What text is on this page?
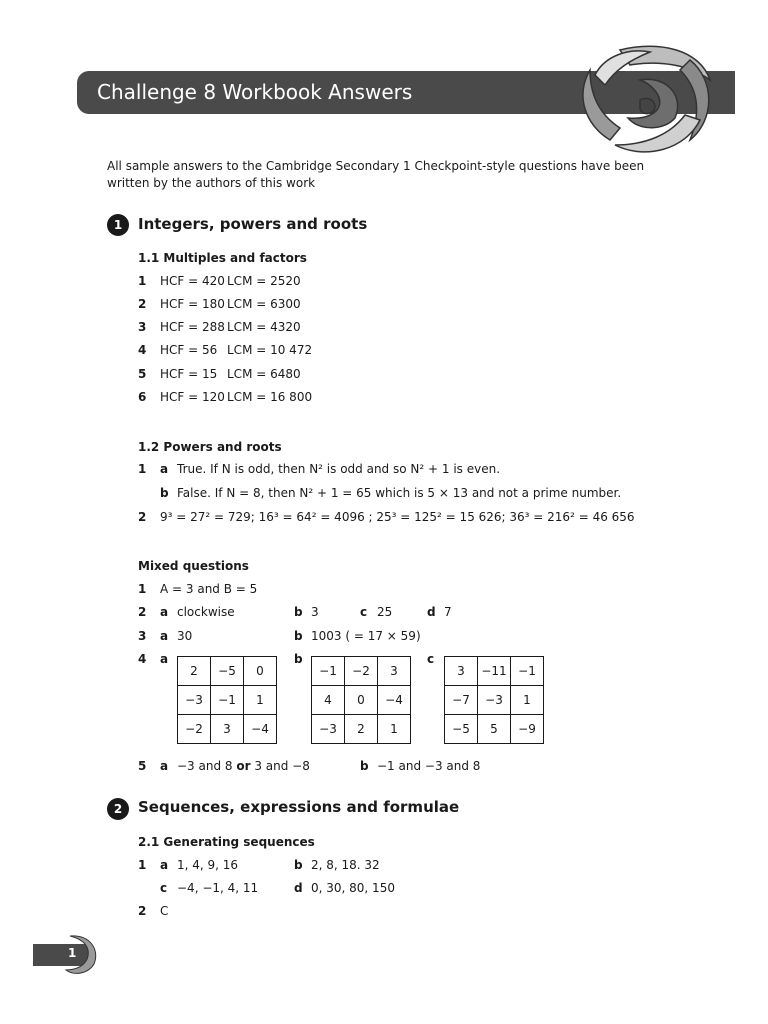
Challenge 8 Workbook Answers
All sample answers to the Cambridge Secondary 1 Checkpoint-style questions have been written by the authors of this work
1	Integers, powers and roots
1.1 Multiples and factors
1 HCF = 420 LCM = 2520
2 HCF = 180 LCM = 6300
3 HCF = 288 LCM = 4320
4 HCF = 56 LCM = 10 472
5 HCF = 15 LCM = 6480
6 HCF = 120 LCM = 16 800
1.2 Powers and roots
1 a True. If N is odd, then N² is odd and so N² + 1 is even.
b False. If N = 8, then N² + 1 = 65 which is 5 × 13 and not a prime number.
2 9³ = 27² = 729; 16³ = 64² = 4096 ; 25³ = 125² = 15 626; 36³ = 216² = 46 656
Mixed questions
1 A = 3 and B = 5
2 a clockwise	b 3	c 25	d 7
3 a 30	b 1003 ( = 17 × 59)
4 a	b	c
2	−5	0
−3	−1	1
−2	3	−4
−1	−2	3
4	0	−4
−3	2	1
3	−11	−1
−7	−3	1
−5	5	−9
5 a −3 and 8 or 3 and −8	b −1 and −3 and 8
2	Sequences, expressions and formulae
2.1 Generating sequences
1 a 1, 4, 9, 16	b 2, 8, 18. 32
c −4, −1, 4, 11	d 0, 30, 80, 150
2 C
1
